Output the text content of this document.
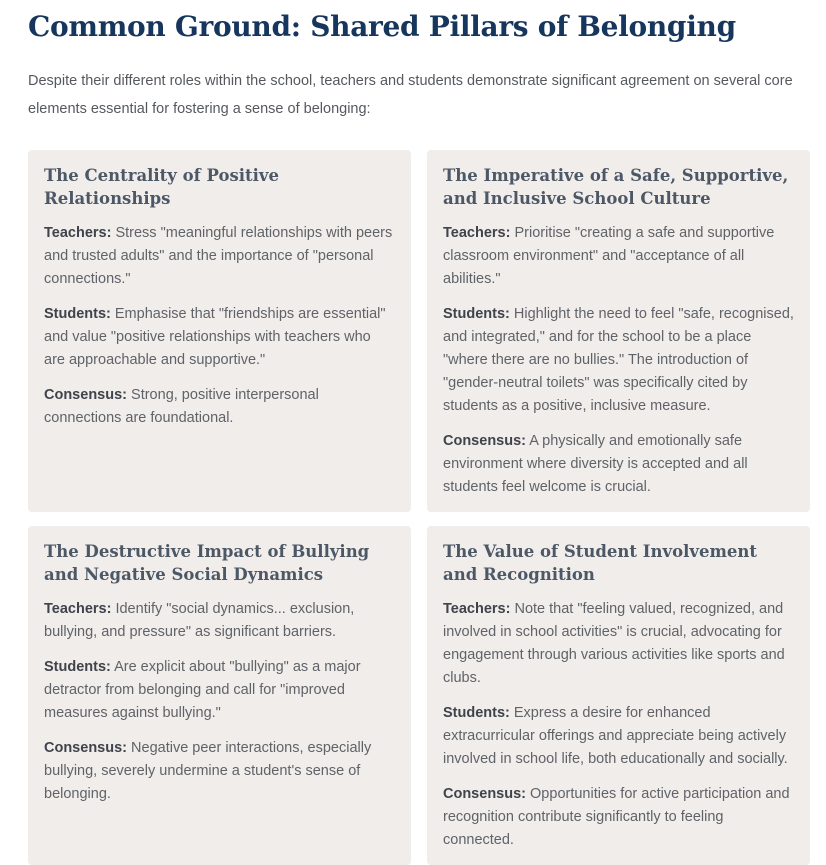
Common Ground: Shared Pillars of Belonging

Despite their different roles within the school, teachers and students demonstrate significant agreement on several core elements essential for fostering a sense of belonging:

The Centrality of Positive Relationships

Teachers: Stress "meaningful relationships with peers and trusted adults" and the importance of "personal connections."

Students: Emphasise that "friendships are essential" and value "positive relationships with teachers who are approachable and supportive."

Consensus: Strong, positive interpersonal connections are foundational.

The Imperative of a Safe, Supportive, and Inclusive School Culture

Teachers: Prioritise "creating a safe and supportive classroom environment" and "acceptance of all abilities."

Students: Highlight the need to feel "safe, recognised, and integrated," and for the school to be a place "where there are no bullies." The introduction of "gender-neutral toilets" was specifically cited by students as a positive, inclusive measure.

Consensus: A physically and emotionally safe environment where diversity is accepted and all students feel welcome is crucial.

The Destructive Impact of Bullying and Negative Social Dynamics

Teachers: Identify "social dynamics... exclusion, bullying, and pressure" as significant barriers.

Students: Are explicit about "bullying" as a major detractor from belonging and call for "improved measures against bullying."

Consensus: Negative peer interactions, especially bullying, severely undermine a student's sense of belonging.

The Value of Student Involvement and Recognition

Teachers: Note that "feeling valued, recognized, and involved in school activities" is crucial, advocating for engagement through various activities like sports and clubs.

Students: Express a desire for enhanced extracurricular offerings and appreciate being actively involved in school life, both educationally and socially.

Consensus: Opportunities for active participation and recognition contribute significantly to feeling connected.
